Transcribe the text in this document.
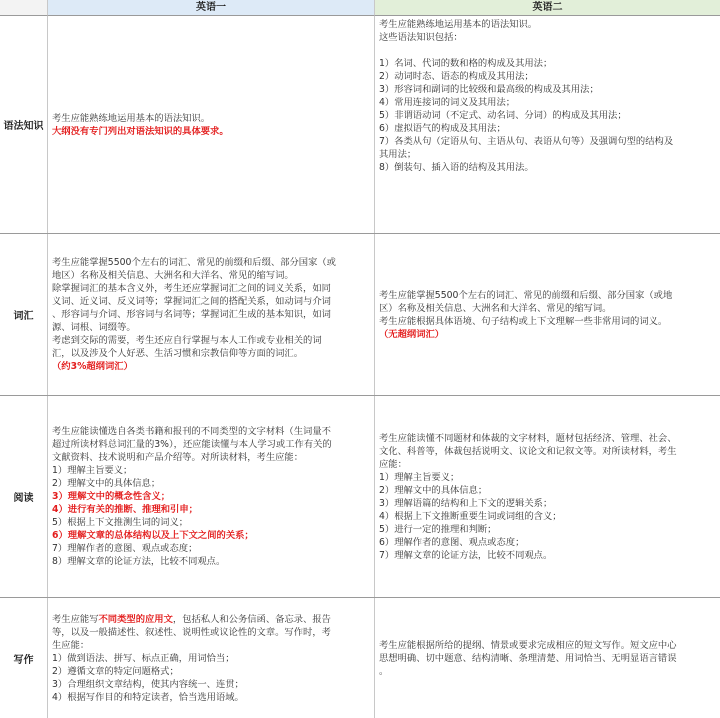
英语一	英语二
语法知识
考生应能熟练地运用基本的语法知识。
大纲没有专门列出对语法知识的具体要求。
考生应能熟练地运用基本的语法知识。
这些语法知识包括：

1）名词、代词的数和格的构成及其用法；
2）动词时态、语态的构成及其用法；
3）形容词和副词的比较级和最高级的构成及其用法；
4）常用连接词的词义及其用法；
5）非谓语动词（不定式、动名词、分词）的构成及其用法；
6）虚拟语气的构成及其用法；
7）各类从句（定语从句、主语从句、表语从句等）及强调句型的结构及
其用法；
8）倒装句、插入语的结构及其用法。
词汇
考生应能掌握5500个左右的词汇、常见的前缀和后缀、部分国家（或
地区）名称及相关信息、大洲名和大洋名、常见的缩写词。
除掌握词汇的基本含义外，考生还应掌握词汇之间的词义关系，如同
义词、近义词、反义词等；掌握词汇之间的搭配关系，如动词与介词
、形容词与介词、形容词与名词等；掌握词汇生成的基本知识，如词
源、词根、词缀等。
考虑到交际的需要，考生还应自行掌握与本人工作或专业相关的词
汇，以及涉及个人好恶、生活习惯和宗教信仰等方面的词汇。
（约3%超纲词汇）
考生应能掌握5500个左右的词汇、常见的前缀和后缀、部分国家（或地
区）名称及相关信息、大洲名和大洋名、常见的缩写词。
考生应能根据具体语境、句子结构或上下文理解一些非常用词的词义。
（无超纲词汇）
阅读
考生应能读懂选自各类书籍和报刊的不同类型的文字材料（生词量不
超过所读材料总词汇量的3%），还应能读懂与本人学习或工作有关的
文献资料、技术说明和产品介绍等。对所读材料，考生应能：
1）理解主旨要义；
2）理解文中的具体信息；
3）理解文中的概念性含义；
4）进行有关的推断、推理和引申；
5）根据上下文推测生词的词义；
6）理解文章的总体结构以及上下文之间的关系；
7）理解作者的意图、观点或态度；
8）理解文章的论证方法，比较不同观点。
考生应能读懂不同题材和体裁的文字材料，题材包括经济、管理、社会、
文化、科普等，体裁包括说明文、议论文和记叙文等。对所读材料，考生
应能：
1）理解主旨要义；
2）理解文中的具体信息；
3）理解语篇的结构和上下文的逻辑关系；
4）根据上下文推断重要生词或词组的含义；
5）进行一定的推理和判断；
6）理解作者的意图、观点或态度；
7）理解文章的论证方法，比较不同观点。
写作
考生应能写不同类型的应用文，包括私人和公务信函、备忘录、报告
等，以及一般描述性、叙述性、说明性或议论性的文章。写作时，考
生应能：
1）做到语法、拼写、标点正确，用词恰当；
2）遵循文章的特定问题格式；
3）合理组织文章结构，使其内容统一、连贯；
4）根据写作目的和特定读者，恰当选用语域。
考生应能根据所给的提纲、情景或要求完成相应的短文写作。短文应中心
思想明确、切中题意、结构清晰、条理清楚、用词恰当、无明显语言错误
。
